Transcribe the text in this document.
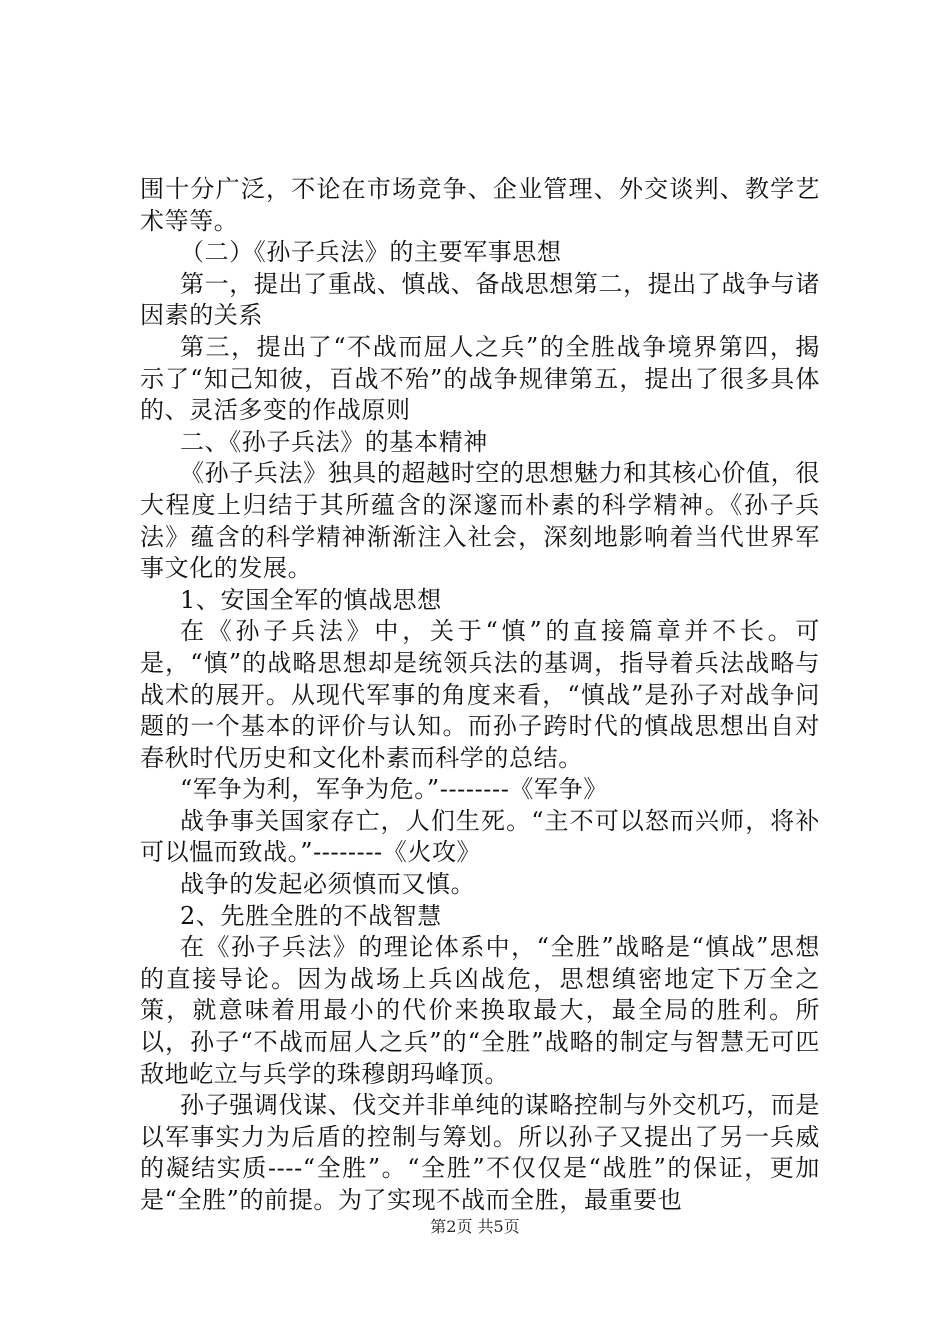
围十分广泛，不论在市场竞争、企业管理、外交谈判、教学艺术等等。

（二）《孙子兵法》的主要军事思想

第一，提出了重战、慎战、备战思想第二，提出了战争与诸因素的关系

第三，提出了“不战而屈人之兵”的全胜战争境界第四，揭示了“知己知彼，百战不殆”的战争规律第五，提出了很多具体的、灵活多变的作战原则

二、《孙子兵法》的基本精神

《孙子兵法》独具的超越时空的思想魅力和其核心价值，很大程度上归结于其所蕴含的深邃而朴素的科学精神。《孙子兵法》蕴含的科学精神渐渐注入社会，深刻地影响着当代世界军事文化的发展。

1、安国全军的慎战思想

在《孙子兵法》中，关于“慎”的直接篇章并不长。可是，“慎”的战略思想却是统领兵法的基调，指导着兵法战略与战术的展开。从现代军事的角度来看，“慎战”是孙子对战争问题的一个基本的评价与认知。而孙子跨时代的慎战思想出自对春秋时代历史和文化朴素而科学的总结。

“军争为利，军争为危。”--------《军争》

战争事关国家存亡，人们生死。“主不可以怒而兴师，将补可以愠而致战。”--------《火攻》

战争的发起必须慎而又慎。

2、先胜全胜的不战智慧

在《孙子兵法》的理论体系中，“全胜”战略是“慎战”思想的直接导论。因为战场上兵凶战危，思想缜密地定下万全之策，就意味着用最小的代价来换取最大，最全局的胜利。所以，孙子“不战而屈人之兵”的“全胜”战略的制定与智慧无可匹敌地屹立与兵学的珠穆朗玛峰顶。

孙子强调伐谋、伐交并非单纯的谋略控制与外交机巧，而是以军事实力为后盾的控制与筹划。所以孙子又提出了另一兵威的凝结实质----“全胜”。“全胜”不仅仅是“战胜”的保证，更加是“全胜”的前提。为了实现不战而全胜，最重要也

第2页 共5页
